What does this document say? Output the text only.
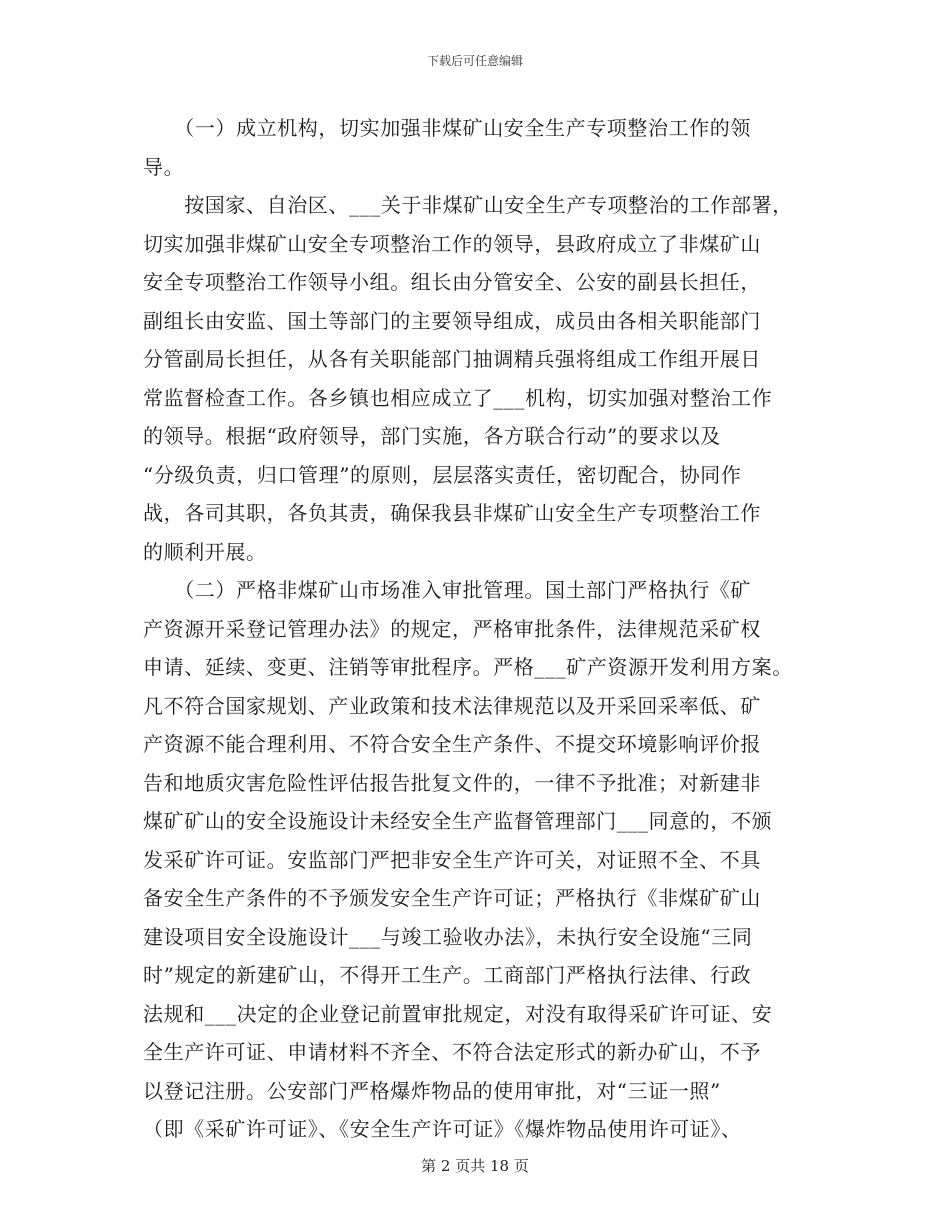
下载后可任意编辑
　　（一）成立机构，切实加强非煤矿山安全生产专项整治工作的领
导。
　　按国家、自治区、___关于非煤矿山安全生产专项整治的工作部署，
切实加强非煤矿山安全专项整治工作的领导，县政府成立了非煤矿山
安全专项整治工作领导小组。组长由分管安全、公安的副县长担任，
副组长由安监、国土等部门的主要领导组成，成员由各相关职能部门
分管副局长担任，从各有关职能部门抽调精兵强将组成工作组开展日
常监督检查工作。各乡镇也相应成立了___机构，切实加强对整治工作
的领导。根据“政府领导，部门实施，各方联合行动”的要求以及
“分级负责，归口管理”的原则，层层落实责任，密切配合，协同作
战，各司其职，各负其责，确保我县非煤矿山安全生产专项整治工作
的顺利开展。
　　（二）严格非煤矿山市场准入审批管理。国土部门严格执行《矿
产资源开采登记管理办法》的规定，严格审批条件，法律规范采矿权
申请、延续、变更、注销等审批程序。严格___矿产资源开发利用方案。
凡不符合国家规划、产业政策和技术法律规范以及开采回采率低、矿
产资源不能合理利用、不符合安全生产条件、不提交环境影响评价报
告和地质灾害危险性评估报告批复文件的，一律不予批准；对新建非
煤矿矿山的安全设施设计未经安全生产监督管理部门___同意的，不颁
发采矿许可证。安监部门严把非安全生产许可关，对证照不全、不具
备安全生产条件的不予颁发安全生产许可证；严格执行《非煤矿矿山
建设项目安全设施设计___与竣工验收办法》，未执行安全设施“三同
时”规定的新建矿山，不得开工生产。工商部门严格执行法律、行政
法规和___决定的企业登记前置审批规定，对没有取得采矿许可证、安
全生产许可证、申请材料不齐全、不符合法定形式的新办矿山，不予
以登记注册。公安部门严格爆炸物品的使用审批，对“三证一照”
（即《采矿许可证》、《安全生产许可证》《爆炸物品使用许可证》、
第 2 页共 18 页
